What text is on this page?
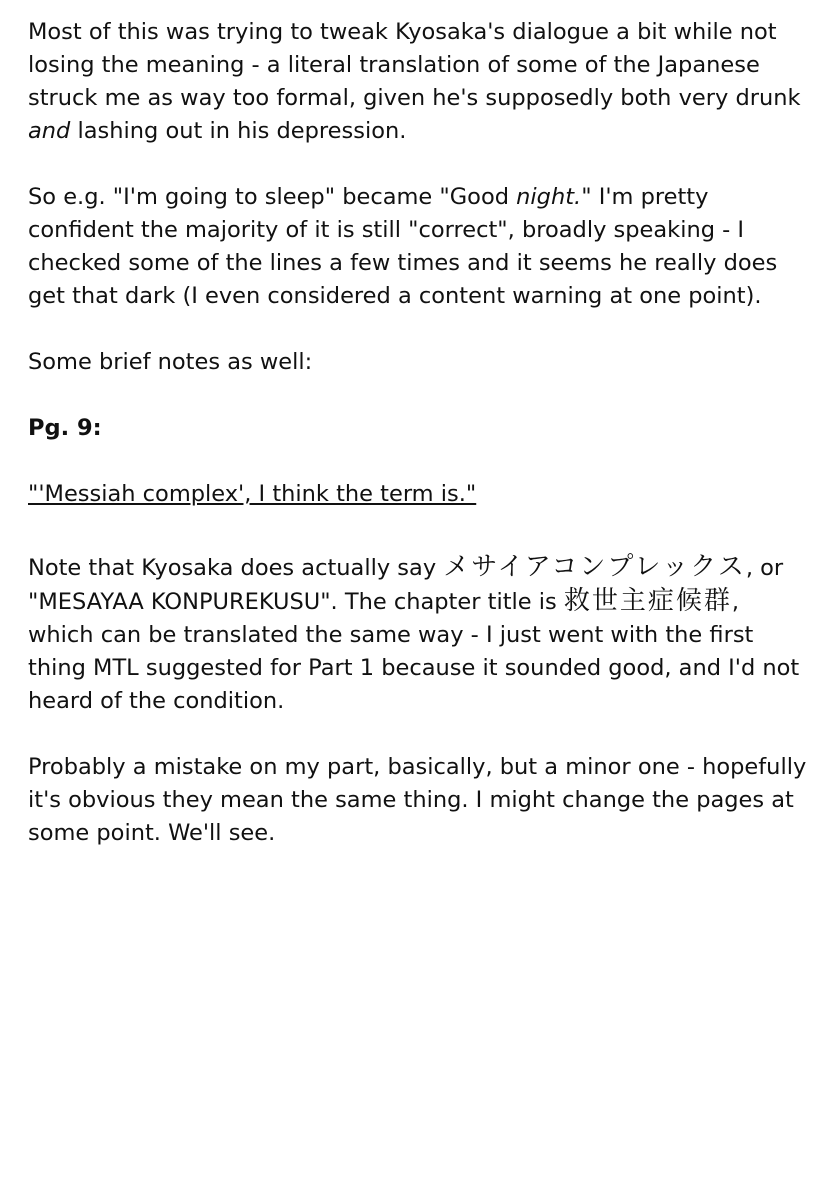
Most of this was trying to tweak Kyosaka's dialogue a bit while not losing the meaning - a literal translation of some of the Japanese struck me as way too formal, given he's supposedly both very drunk and lashing out in his depression.

So e.g. "I'm going to sleep" became "Good night." I'm pretty confident the majority of it is still "correct", broadly speaking - I checked some of the lines a few times and it seems he really does get that dark (I even considered a content warning at one point).

Some brief notes as well:

Pg. 9:

"'Messiah complex', I think the term is."

Note that Kyosaka does actually say メサイアコンプレックス, or "MESAYAA KONPUREKUSU". The chapter title is 救世主症候群, which can be translated the same way - I just went with the first thing MTL suggested for Part 1 because it sounded good, and I'd not heard of the condition.

Probably a mistake on my part, basically, but a minor one - hopefully it's obvious they mean the same thing. I might change the pages at some point. We'll see.
